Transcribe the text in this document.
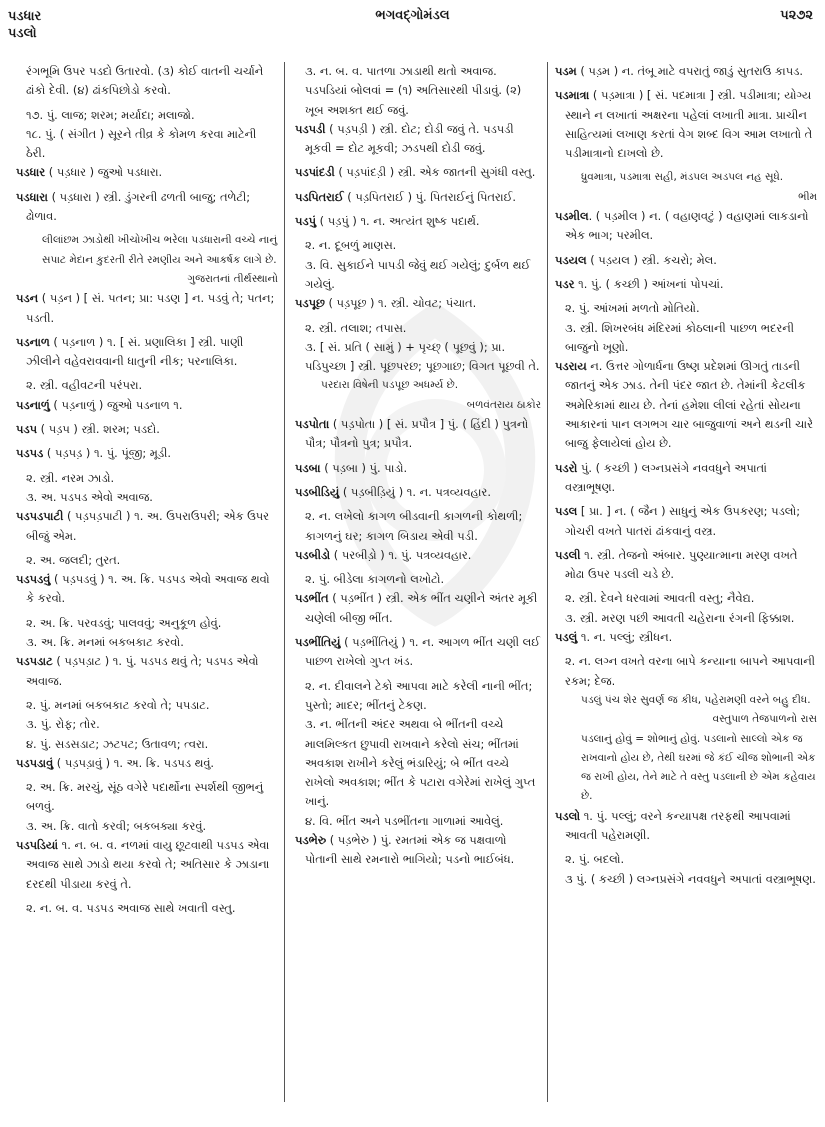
પડધાર
પડલો
ભગવદ્ગોમંડલ	પ૨૭૨

રંગભૂમિ ઉપર પડદો ઉતારવો. (૩) કોઈ વાતની ચર્ચાને ઢાંકો દેવી. (૪) ઢાંકપિછોડો કરવો.

૧૭. પું. લાજ; શરમ; મર્યાદા; મલાજો.

૧૮. પું. ( સંગીત ) સૂરને તીવ્ર કે કોમળ કરવા માટેની ઠેરી.

પડધાર ( પડ઼ધાર ) જુઓ પડધારા.

પડધારા ( પડ઼ધારા ) સ્ત્રી. ડુંગરની ઢળતી બાજુ; તળેટી; ઢોળાવ.

લીલાંછમ ઝાડોથી ખીચોખીચ ભરેલા પડધારાની વચ્ચે નાનું સપાટ મેદાન કુદરતી રીતે રમણીય અને આકર્ષક લાગે છે.

ગુજરાતનાં તીર્થસ્થાનો

પડન ( પડ઼ન ) [ સં. પતન; પ્રા: પડણ ] ન. પડવું તે; પતન; પડતી.

પડનાળ ( પડ઼નાળ ) ૧. [ સં. પ્રણાલિકા ] સ્ત્રી. પાણી ઝીલીને વહેવરાવવાની ધાતુની નીક; પરનાલિકા.

૨. સ્ત્રી. વહીવટની પરંપરા.

પડનાળું ( પડ઼નાળું ) જુઓ પડનાળ ૧.

પડપ ( પડ઼પ ) સ્ત્રી. શરમ; પડદો.

પડપડ ( પડ઼પડ઼ ) ૧. પું. પૂંજી; મૂડી.

૨. સ્ત્રી. નરમ ઝાડો.

૩. અ. પડપડ એવો અવાજ.

પડપડપાટી ( પડ઼પડ઼પાટી ) ૧. અ. ઉપરાઉપરી; એક ઉપર બીજું એમ.

૨. અ. જલદી; તુરત.

પડપડવું ( પડ઼પડવું ) ૧. અ. ક્રિ. પડપડ એવો અવાજ થવો કે કરવો.

૨. અ. ક્રિ. પરવડવું; પાલવવું; અનુકૂળ હોવું.

૩. અ. ક્રિ. મનમાં બકબકાટ કરવો.

પડપડાટ ( પડ઼પડ઼ાટ ) ૧. પું. પડપડ થવું તે; પડપડ એવો અવાજ.

૨. પું. મનમાં બકબકાટ કરવો તે; પપડાટ.

૩. પું. રોફ; તોર.

૪. પું. સડસડાટ; ઝટપટ; ઉતાવળ; ત્વરા.

પડપડાવું ( પડ઼પડ઼ાવું ) ૧. અ. ક્રિ. પડપડ થવું.

૨. અ. ક્રિ. મરચું, સૂંઠ વગેરે પદાર્થોના સ્પર્શથી જીભનું બળવું.

૩. અ. ક્રિ. વાતો કરવી; બકબક્યા કરવું.

પડપડિયાં ૧. ન. બ. વ. નળમાં વાયુ છૂટવાથી પડપડ એવા અવાજ સાથે ઝાડો થયા કરવો તે; અતિસાર કે ઝાડાના દરદથી પીડાયા કરવું તે.

૨. ન. બ. વ. પડપડ અવાજ સાથે ખવાતી વસ્તુ.

૩. ન. બ. વ. પાતળા ઝાડાથી થતો અવાજ. પડપડિયાં બોલવાં = (૧) અતિસારથી પીડાવું. (૨) ખૂબ અશક્ત થઈ જવું.

પડપડી ( પડ઼પડ઼ી ) સ્ત્રી. દોટ; દોડી જવું તે. પડપડી મૂકવી = દોટ મૂકવી; ઝડપથી દોડી જવું.

પડપાંદડી ( પડ઼પાંદડ઼ી ) સ્ત્રી. એક જાતની સુગંધી વસ્તુ.

પડપિતરાઈ ( પડ઼પિતરાઈ ) પું. પિતરાઈનું પિતરાઈ.

પડપું ( પડ઼પું ) ૧. ન. અત્યંત શુષ્ક પદાર્થ.

૨. ન. દૂબળું માણસ.

૩. વિ. સુકાઈને પાપડી જેવું થઈ ગયેલું; દુર્બળ થઈ ગયેલું.

પડપૂછ ( પડ઼પૂછ ) ૧. સ્ત્રી. ચોવટ; પંચાત.

૨. સ્ત્રી. તલાશ; તપાસ.

૩. [ સં. પ્રતિ ( સામું ) + પૃચ્છ્ ( પૂછવું ); પ્રા. પડિપુચ્છા ] સ્ત્રી. પૂછપરછ; પૂછગાછ; વિગત પૂછવી તે.

પરદારા વિષેની પડપૂછ અધર્મ્ય છે.

બળવંતરાય ઠાકોર

પડપોતા ( પડ઼પોતા ) [ સં. પ્રપૌત્ર ] પું. ( હિંદી ) પુત્રનો પૌત્ર; પૌત્રનો પુત્ર; પ્રપૌત્ર.

પડબા ( પડ઼બા ) પું. પાડો.

પડબીડિયું ( પડ઼બીડ઼િયું ) ૧. ન. પત્રવ્યવહાર.

૨. ન. લખેલો કાગળ બીડવાની કાગળની કોથળી; કાગળનું ઘર; કાગળ બિડાય એવી પડી.

પડબીડો ( પરબીડ઼ો ) ૧. પું. પત્રવ્યવહાર.

૨. પું. બીડેલા કાગળનો લખોટો.

પડભીંત ( પડ઼ભીંત ) સ્ત્રી. એક ભીંત ચણીને અંતર મૂકી ચણેલી બીજી ભીંત.

પડભીંતિયું ( પડ઼ભીંતિયું ) ૧. ન. આગળ ભીંત ચણી લઈ પાછળ રાખેલો ગુપ્ત ખંડ.

૨. ન. દીવાલને ટેકો આપવા માટે કરેલી નાની ભીંત; પુસ્તો; માદર; ભીંતનું ટેકણ.

૩. ન. ભીંતની અંદર અથવા બે ભીંતની વચ્ચે માલમિલ્કત છુપાવી રાખવાને કરેલો સંચ; ભીંતમાં અવકાશ રાખીને કરેલું ભંડારિયું; બે ભીંત વચ્ચે રાખેલો અવકાશ; ભીંત કે પટારા વગેરેમાં રાખેલું ગુપ્ત ખાનું.

૪. વિ. ભીંત અને પડભીંતના ગાળામાં આવેલું.

પડભેરુ ( પડ઼ભેરુ ) પું. રમતમાં એક જ પક્ષવાળો પોતાની સાથે રમનારો ભાગિયો; પડનો ભાઈબંધ.

પડમ ( પડ઼મ ) ન. તંબૂ માટે વપરાતું જાડું સુતરાઉ કાપડ.

પડમાત્રા ( પડ઼માત્રા ) [ સં. પદમાત્રા ] સ્ત્રી. પડીમાત્રા; યોગ્ય સ્થાને ન લખાતાં અક્ષરના પહેલાં લખાતી માત્રા. પ્રાચીન સાહિત્યમાં લખાણ કરતાં વેગ શબ્દ વિગ આમ લખાતો તે પડીમાત્રાનો દાખલો છે.

ધ્રુવમાત્રા, પડમાત્રા સહી, મંડપલ અડપલ નહ સૂધે.

ભીમ

પડમીલ. ( પડ઼મીલ ) ન. ( વહાણવટું ) વહાણમાં લાકડાનો એક ભાગ; પરમીલ.

પડયલ ( પડ઼યલ ) સ્ત્રી. કચરો; મેલ.

પડર ૧. પું. ( કચ્છી ) આંખનાં પોપચાં.

૨. પું. આંખમાં મળતો મોતિયો.

૩. સ્ત્રી. શિખરબંધ મંદિરમાં કોઠલાની પાછળ ભદરની બાજુનો ખૂણો.

પડરાય ન. ઉત્તર ગોળાર્ધના ઉષ્ણ પ્રદેશમાં ઊગતું તાડની જાતનું એક ઝાડ. તેની પંદર જાત છે. તેમાંની કેટલીક અમેરિકામાં થાય છે. તેનાં હમેશા લીલાં રહેતાં સોયના આકારનાં પાન લગભગ ચાર બાજુવાળાં અને થડની ચારે બાજુ ફેલાયેલાં હોય છે.

પડરો પું. ( કચ્છી ) લગ્નપ્રસંગે નવવધુને અપાતાં વસ્ત્રાભૂષણ.

પડલ [ પ્રા. ] ન. ( જૈન ) સાધુનું એક ઉપકરણ; પડલો; ગોચરી વખતે પાતરાં ઢાંકવાનું વસ્ત્ર.

પડલી ૧. સ્ત્રી. તેજનો અંબાર. પુણ્યાત્માના મરણ વખતે મોઢા ઉપર પડલી ચડે છે.

૨. સ્ત્રી. દેવને ધરવામાં આવતી વસ્તુ; નૈવેદ્ય.

૩. સ્ત્રી. મરણ પછી આવતી ચહેરાના રંગની ફિક્કાશ.

પડલું ૧. ન. પલ્લું; સ્ત્રીધન.

૨. ન. લગ્ન વખતે વરના બાપે કન્યાના બાપને આપવાની રકમ; દેજ.

પડલું પંચ શેર સુવર્ણ જ કીધ, પહેરામણી વરને બહુ દીધ.

વસ્તુપાળ તેજપાળનો રાસ

પડલાનું હોવું = શોભાનું હોવું. પડલાનો સાલ્લો એક જ રાખવાનો હોય છે, તેથી ઘરમાં જે કંઈ ચીજ શોભાની એક જ રાખી હોય, તેને માટે તે વસ્તુ પડલાની છે એમ કહેવાય છે.

પડલો ૧. પું. પલ્લું; વરને કન્યાપક્ષ તરફથી આપવામાં આવતી પહેરામણી.

૨. પું. બદલો.

૩ પું. ( કચ્છી ) લગ્નપ્રસંગે નવવધુને અપાતાં વસ્ત્રાભૂષણ.
